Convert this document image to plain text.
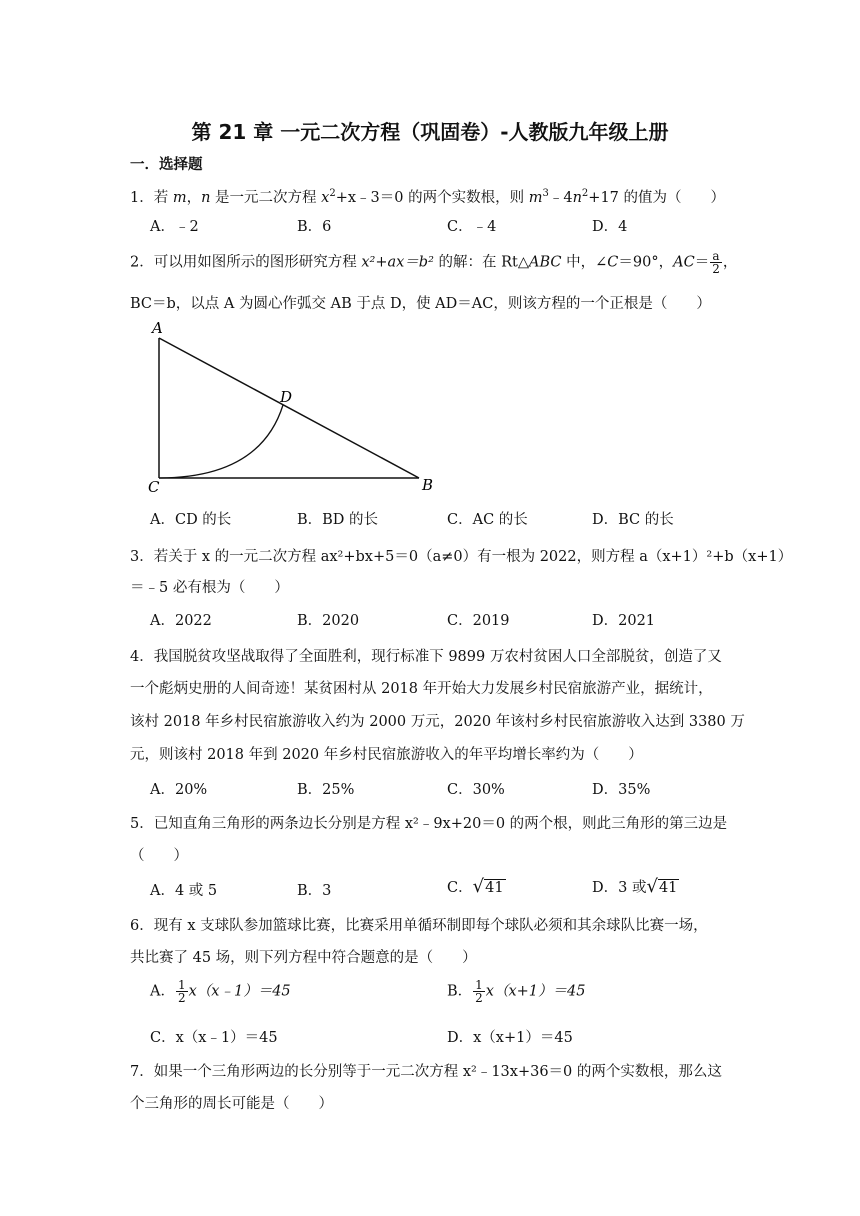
第 21 章 一元二次方程（巩固卷）-人教版九年级上册
一．选择题
1．若 m，n 是一元二次方程 $x^2+x﹣3=0$ 的两个实数根，则 $m^3﹣4n^2+17$ 的值为（　　）
A．﹣2	B．6	C．﹣4	D．4
2．可以用如图所示的图形研究方程 x²+ax＝b² 的解：在 Rt△ABC 中，∠C＝90°，$AC= \frac{a}{2}$ ，
BC＝b，以点 A 为圆心作弧交 AB 于点 D，使 AD＝AC，则该方程的一个正根是（　　）
A
C	B
D
A．CD 的长	B．BD 的长	C．AC 的长	D．BC 的长
3．若关于 x 的一元二次方程 ax²+bx+5＝0（a≠0）有一根为 2022，则方程 a（x+1）²+b（x+1）
＝﹣5 必有根为（　　）
A．2022	B．2020	C．2019	D．2021
4．我国脱贫攻坚战取得了全面胜利，现行标准下 9899 万农村贫困人口全部脱贫，创造了又
一个彪炳史册的人间奇迹！某贫困村从 2018 年开始大力发展乡村民宿旅游产业，据统计，
该村 2018 年乡村民宿旅游收入约为 2000 万元，2020 年该村乡村民宿旅游收入达到 3380 万
元，则该村 2018 年到 2020 年乡村民宿旅游收入的年平均增长率约为（　　）
A．20%	B．25%	C．30%	D．35%
5．已知直角三角形的两条边长分别是方程 x²﹣9x+20＝0 的两个根，则此三角形的第三边是
（　　）
A．4 或 5	B．3	C．√41	D．3 或√41
6．现有 x 支球队参加篮球比赛，比赛采用单循环制即每个球队必须和其余球队比赛一场，
共比赛了 45 场，则下列方程中符合题意的是（　　）
A． $\frac{1}{2}$ x（x﹣1）＝45	B． $\frac{1}{2} x(x+1)=45$
C．x（x﹣1）＝45	D．x（x+1）＝45
7．如果一个三角形两边的长分别等于一元二次方程 x²﹣13x+36＝0 的两个实数根，那么这
个三角形的周长可能是（　　）
